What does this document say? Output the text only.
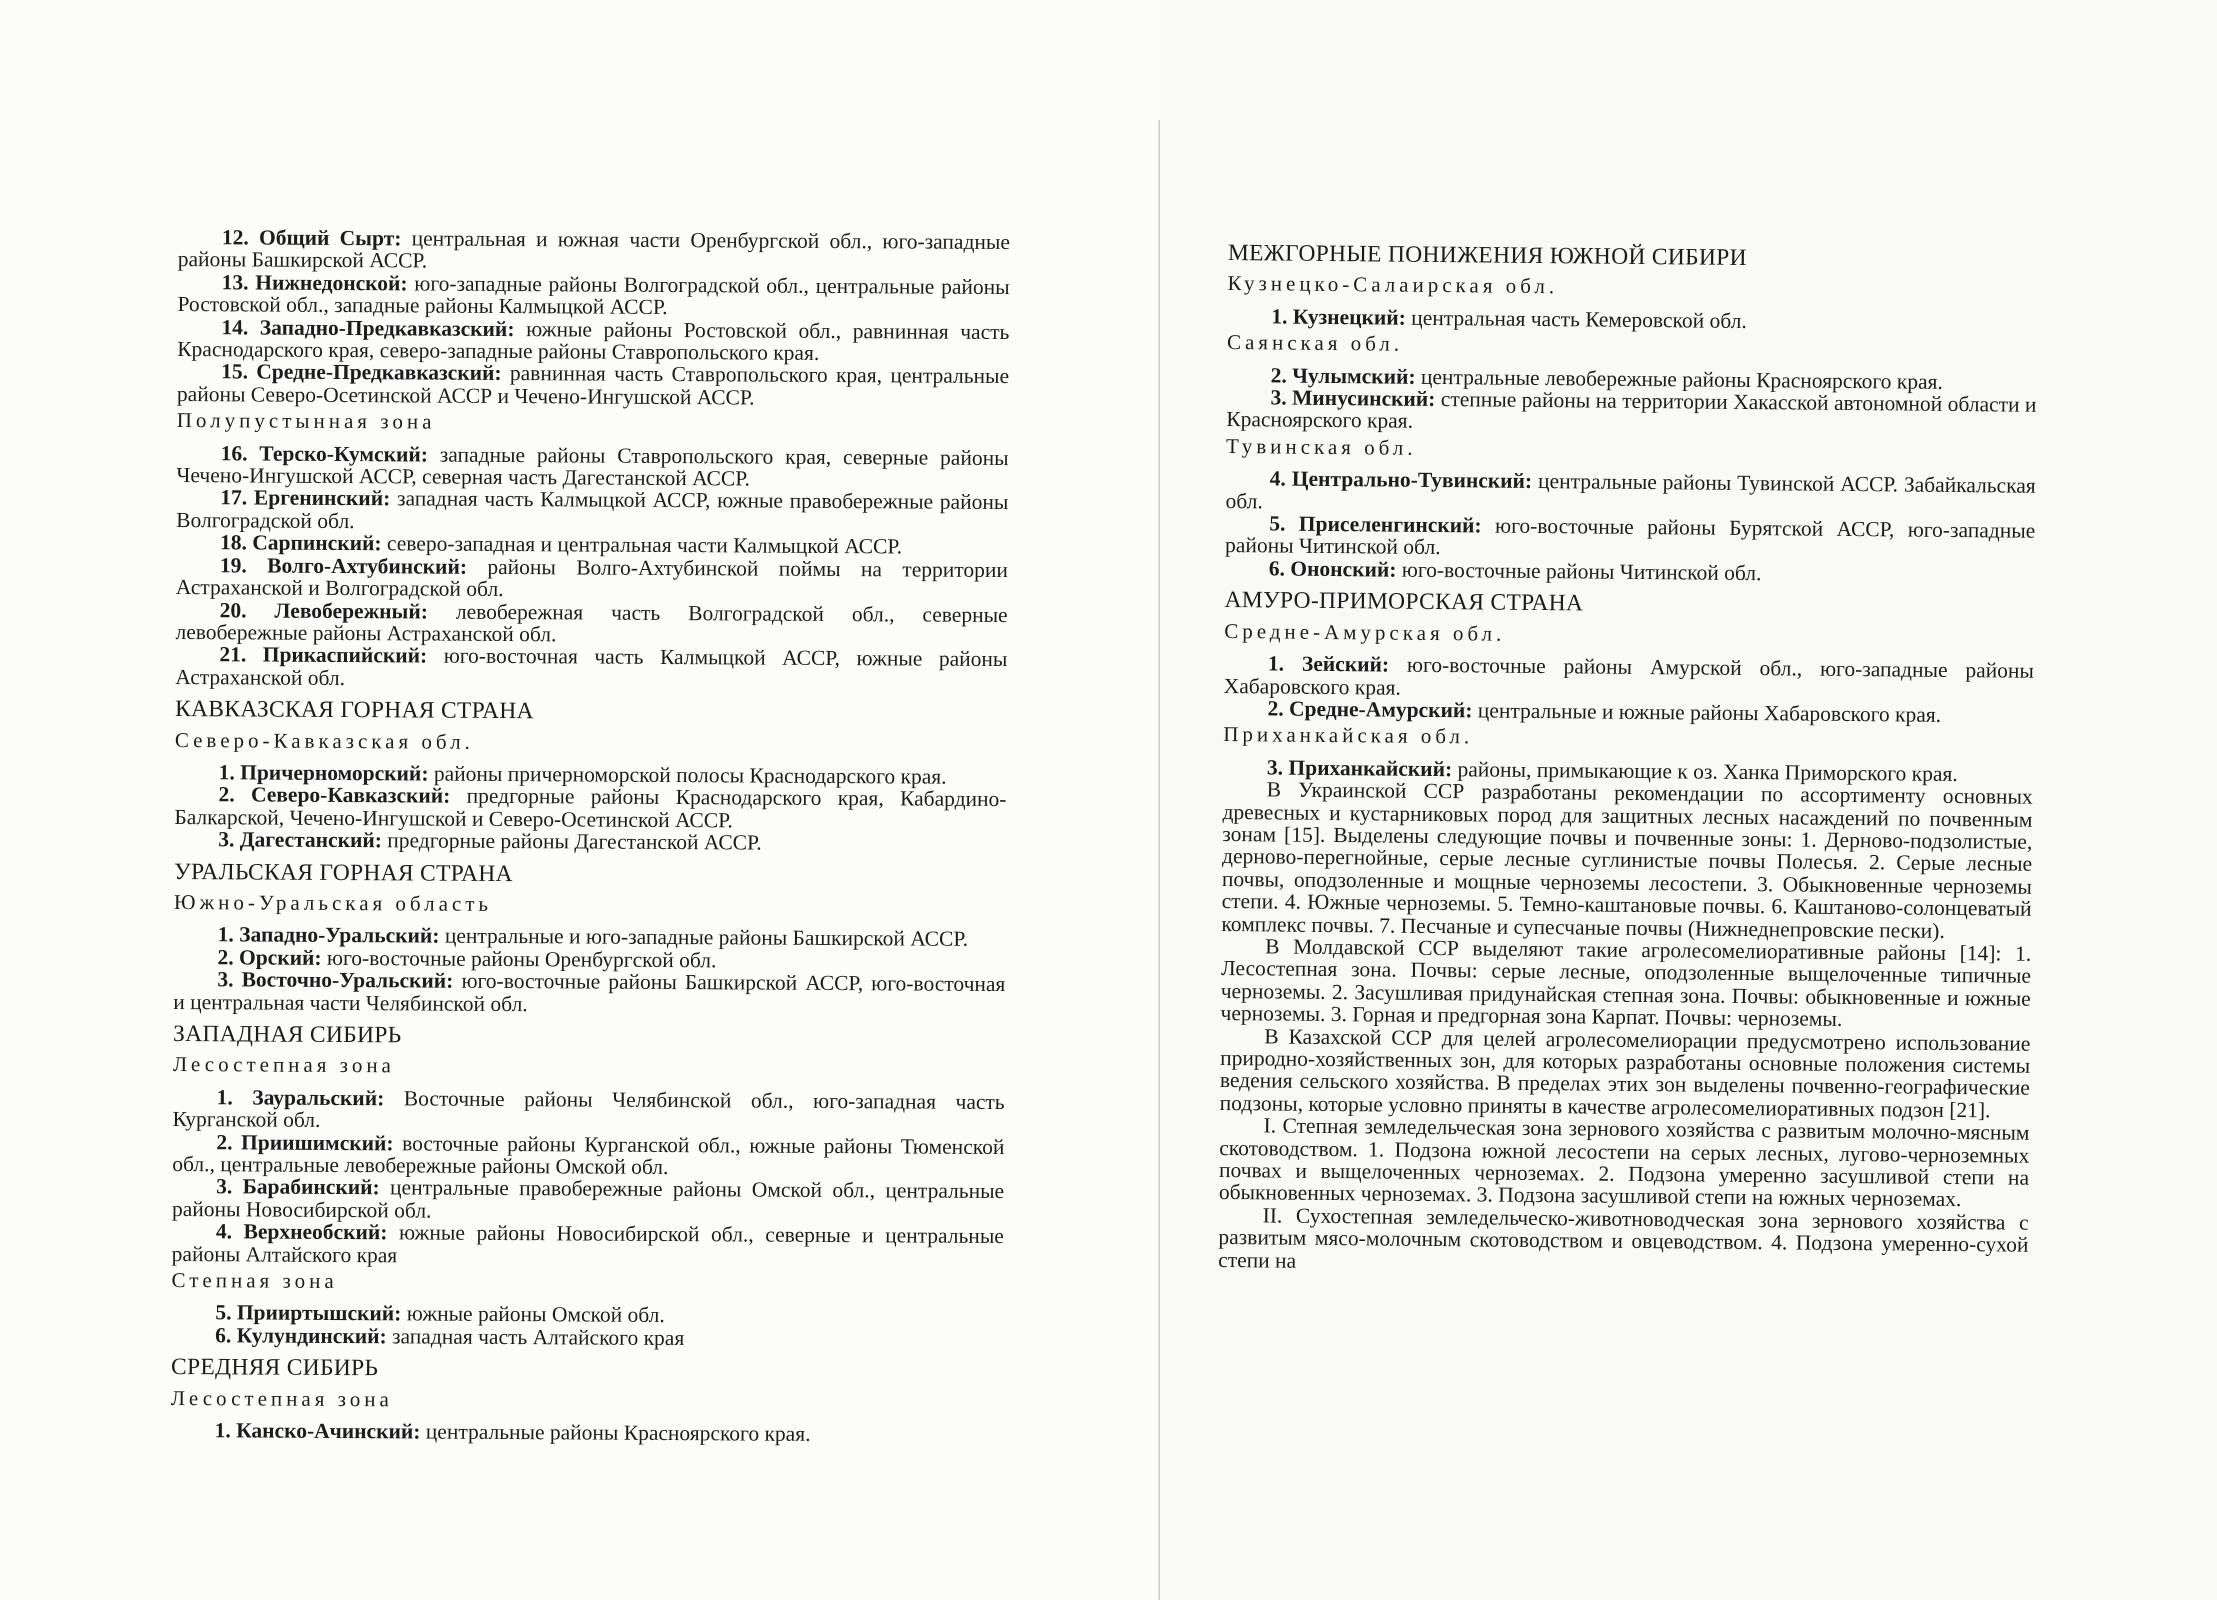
12. Общий Сырт: центральная и южная части Оренбургской обл., юго-западные районы Башкирской АССР.

13. Нижнедонской: юго-западные районы Волгоградской обл., центральные районы Ростовской обл., западные районы Калмыцкой АССР.

14. Западно-Предкавказский: южные районы Ростовской обл., равнинная часть Краснодарского края, северо-западные районы Ставропольского края.

15. Средне-Предкавказский: равнинная часть Ставропольского края, центральные районы Северо-Осетинской АССР и Чечено-Ингушской АССР.

Полупустынная зона

16. Терско-Кумский: западные районы Ставропольского края, северные районы Чечено-Ингушской АССР, северная часть Дагестанской АССР.

17. Ергенинский: западная часть Калмыцкой АССР, южные правобережные районы Волгоградской обл.

18. Сарпинский: северо-западная и центральная части Калмыцкой АССР.

19. Волго-Ахтубинский: районы Волго-Ахтубинской поймы на территории Астраханской и Волгоградской обл.

20. Левобережный: левобережная часть Волгоградской обл., северные левобережные районы Астраханской обл.

21. Прикаспийский: юго-восточная часть Калмыцкой АССР, южные районы Астраханской обл.

КАВКАЗСКАЯ ГОРНАЯ СТРАНА

Северо-Кавказская обл.

1. Причерноморский: районы причерноморской полосы Краснодарского края.

2. Северо-Кавказский: предгорные районы Краснодарского края, Кабардино-Балкарской, Чечено-Ингушской и Северо-Осетинской АССР.

3. Дагестанский: предгорные районы Дагестанской АССР.

УРАЛЬСКАЯ ГОРНАЯ СТРАНА

Южно-Уральская область

1. Западно-Уральский: центральные и юго-западные районы Башкирской АССР.

2. Орский: юго-восточные районы Оренбургской обл.

3. Восточно-Уральский: юго-восточные районы Башкирской АССР, юго-восточная и центральная части Челябинской обл.

ЗАПАДНАЯ СИБИРЬ

Лесостепная зона

1. Зауральский: Восточные районы Челябинской обл., юго-западная часть Курганской обл.

2. Приишимский: восточные районы Курганской обл., южные районы Тюменской обл., центральные левобережные районы Омской обл.

3. Барабинский: центральные правобережные районы Омской обл., центральные районы Новосибирской обл.

4. Верхнеобский: южные районы Новосибирской обл., северные и центральные районы Алтайского края

Степная зона

5. Прииртышский: южные районы Омской обл.

6. Кулундинский: западная часть Алтайского края

СРЕДНЯЯ СИБИРЬ

Лесостепная зона

1. Канско-Ачинский: центральные районы Красноярского края.

МЕЖГОРНЫЕ ПОНИЖЕНИЯ ЮЖНОЙ СИБИРИ

Кузнецко-Салаирская обл.

1. Кузнецкий: центральная часть Кемеровской обл.

Саянская обл.

2. Чулымский: центральные левобережные районы Красноярского края.

3. Минусинский: степные районы на территории Хакасской автономной области и Красноярского края.

Тувинская обл.

4. Центрально-Тувинский: центральные районы Тувинской АССР. Забайкальская обл.

5. Приселенгинский: юго-восточные районы Бурятской АССР, юго-западные районы Читинской обл.

6. Ононский: юго-восточные районы Читинской обл.

АМУРО-ПРИМОРСКАЯ СТРАНА

Средне-Амурская обл.

1. Зейский: юго-восточные районы Амурской обл., юго-западные районы Хабаровского края.

2. Средне-Амурский: центральные и южные районы Хабаровского края.

Приханкайская обл.

3. Приханкайский: районы, примыкающие к оз. Ханка Приморского края.

В Украинской ССР разработаны рекомендации по ассортименту основных древесных и кустарниковых пород для защитных лесных насаждений по почвенным зонам [15]. Выделены следующие почвы и почвенные зоны: 1. Дерново-подзолистые, дерново-перегнойные, серые лесные суглинистые почвы Полесья. 2. Серые лесные почвы, оподзоленные и мощные черноземы лесостепи. 3. Обыкновенные черноземы степи. 4. Южные черноземы. 5. Темно-каштановые почвы. 6. Каштаново-солонцеватый комплекс почвы. 7. Песчаные и супесчаные почвы (Нижнеднепровские пески).

В Молдавской ССР выделяют такие агролесомелиоративные районы [14]: 1. Лесостепная зона. Почвы: серые лесные, оподзоленные выщелоченные типичные черноземы. 2. Засушливая придунайская степная зона. Почвы: обыкновенные и южные черноземы. 3. Горная и предгорная зона Карпат. Почвы: черноземы.

В Казахской ССР для целей агролесомелиорации предусмотрено использование природно-хозяйственных зон, для которых разработаны основные положения системы ведения сельского хозяйства. В пределах этих зон выделены почвенно-географические подзоны, которые условно приняты в качестве агролесомелиоративных подзон [21].

I. Степная земледельческая зона зернового хозяйства с развитым молочно-мясным скотоводством. 1. Подзона южной лесостепи на серых лесных, лугово-черноземных почвах и выщелоченных черноземах. 2. Подзона умеренно засушливой степи на обыкновенных черноземах. 3. Подзона засушливой степи на южных черноземах.

II. Сухостепная земледельческо-животноводческая зона зернового хозяйства с развитым мясо-молочным скотоводством и овцеводством. 4. Подзона умеренно-сухой степи на
